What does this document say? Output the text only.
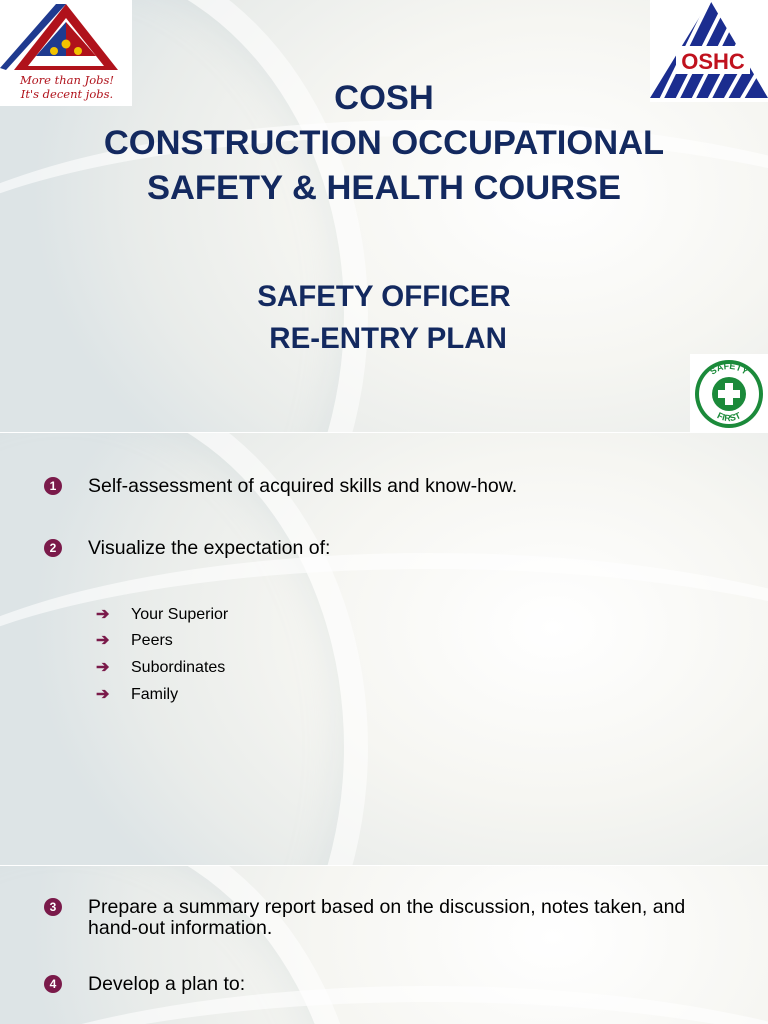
More than Jobs!
It's decent jobs.
OSHC
COSH
CONSTRUCTION OCCUPATIONAL
SAFETY & HEALTH COURSE
SAFETY OFFICER
RE-ENTRY PLAN
SAFETY
FIRST
1 Self-assessment of acquired skills and know-how.
2 Visualize the expectation of:
➔ Your Superior
➔ Peers
➔ Subordinates
➔ Family
3 Prepare a summary report based on the discussion, notes taken, and hand-out information.
4 Develop a plan to:
